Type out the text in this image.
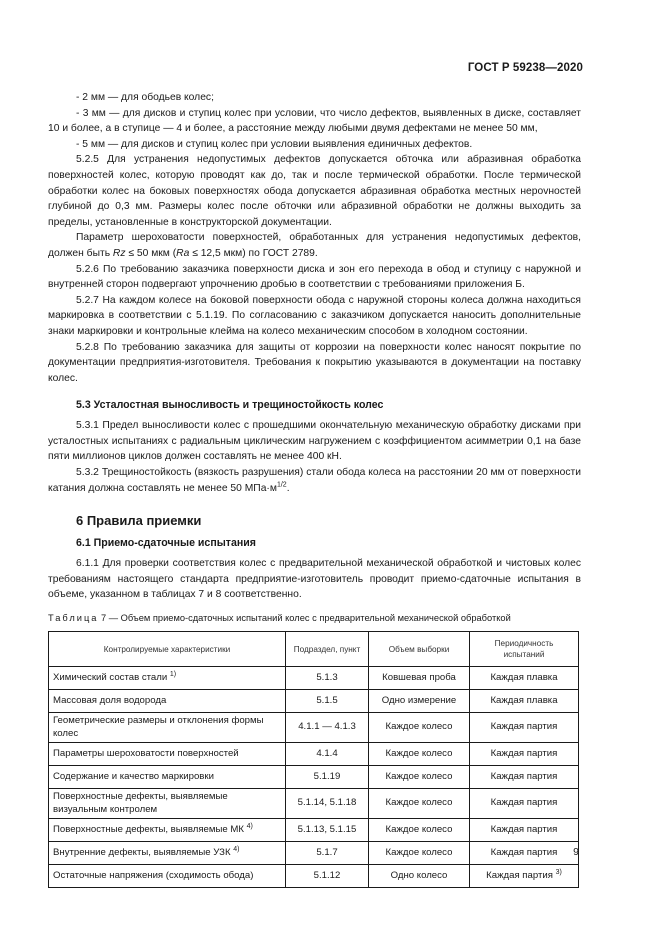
ГОСТ Р 59238—2020

- 2 мм — для ободьев колес;

- 3 мм — для дисков и ступиц колес при условии, что число дефектов, выявленных в диске, составляет 10 и более, а в ступице — 4 и более, а расстояние между любыми двумя дефектами не менее 50 мм,

- 5 мм — для дисков и ступиц колес при условии выявления единичных дефектов.

5.2.5 Для устранения недопустимых дефектов допускается обточка или абразивная обработка поверхностей колес, которую проводят как до, так и после термической обработки. После термической обработки колес на боковых поверхностях обода допускается абразивная обработка местных нерovностей глубиной до 0,3 мм. Размеры колес после обточки или абразивной обработки не должны выходить за пределы, установленные в конструкторской документации.

Параметр шероховатости поверхностей, обработанных для устранения недопустимых дефектов, должен быть Rz ≤ 50 мкм (Ra ≤ 12,5 мкм) по ГОСТ 2789.

5.2.6 По требованию заказчика поверхности диска и зон его перехода в обод и ступицу с наружной и внутренней сторон подвергают упрочнению дробью в соответствии с требованиями приложения Б.

5.2.7 На каждом колесе на боковой поверхности обода с наружной стороны колеса должна находиться маркировка в соответствии с 5.1.19. По согласованию с заказчиком допускается наносить дополнительные знаки маркировки и контрольные клейма на колесо механическим способом в холодном состоянии.

5.2.8 По требованию заказчика для защиты от коррозии на поверхности колес наносят покрытие по документации предприятия-изготовителя. Требования к покрытию указываются в документации на поставку колес.

5.3 Усталостная выносливость и трещиностойкость колес

5.3.1 Предел выносливости колес с прошедшими окончательную механическую обработку дисками при усталостных испытаниях с радиальным циклическим нагружением с коэффициентом асимметрии 0,1 на базе пяти миллионов циклов должен составлять не менее 400 кН.

5.3.2 Трещиностойкость (вязкость разрушения) стали обода колеса на расстоянии 20 мм от поверхности катания должна составлять не менее 50 $МПа\cdot м^{1/2}$.

6 Правила приемки

6.1 Приемо-сдаточные испытания

6.1.1 Для проверки соответствия колес с предварительной механической обработкой и чистовых колес требованиям настоящего стандарта предприятие-изготовитель проводит приемо-сдаточные испытания в объеме, указанном в таблицах 7 и 8 соответственно.

Таблица 7 — Объем приемо-сдаточных испытаний колес с предварительной механической обработкой

Контролируемые характеристики	Подраздел, пункт	Объем выборки	Периодичность испытаний
Химический состав стали $^{1)}$	5.1.3	Ковшевая проба	Каждая плавка
Массовая доля водорода	5.1.5	Одно измерение	Каждая плавка
Геометрические размеры и отклонения формы колес	4.1.1 — 4.1.3	Каждое колесо	Каждая партия
Параметры шероховатости поверхностей	4.1.4	Каждое колесо	Каждая партия
Содержание и качество маркировки	5.1.19	Каждое колесо	Каждая партия
Поверхностные дефекты, выявляемые визуальным контролем	5.1.14, 5.1.18	Каждое колесо	Каждая партия
Поверхностные дефекты, выявляемые МК $^{4)}$	5.1.13, 5.1.15	Каждое колесо	Каждая партия
Внутренние дефекты, выявляемые УЗК $^{4)}$	5.1.7	Каждое колесо	Каждая партия
Остаточные напряжения (сходимость обода)	5.1.12	Одно колесо	Каждая партия $^{3)}$
9
